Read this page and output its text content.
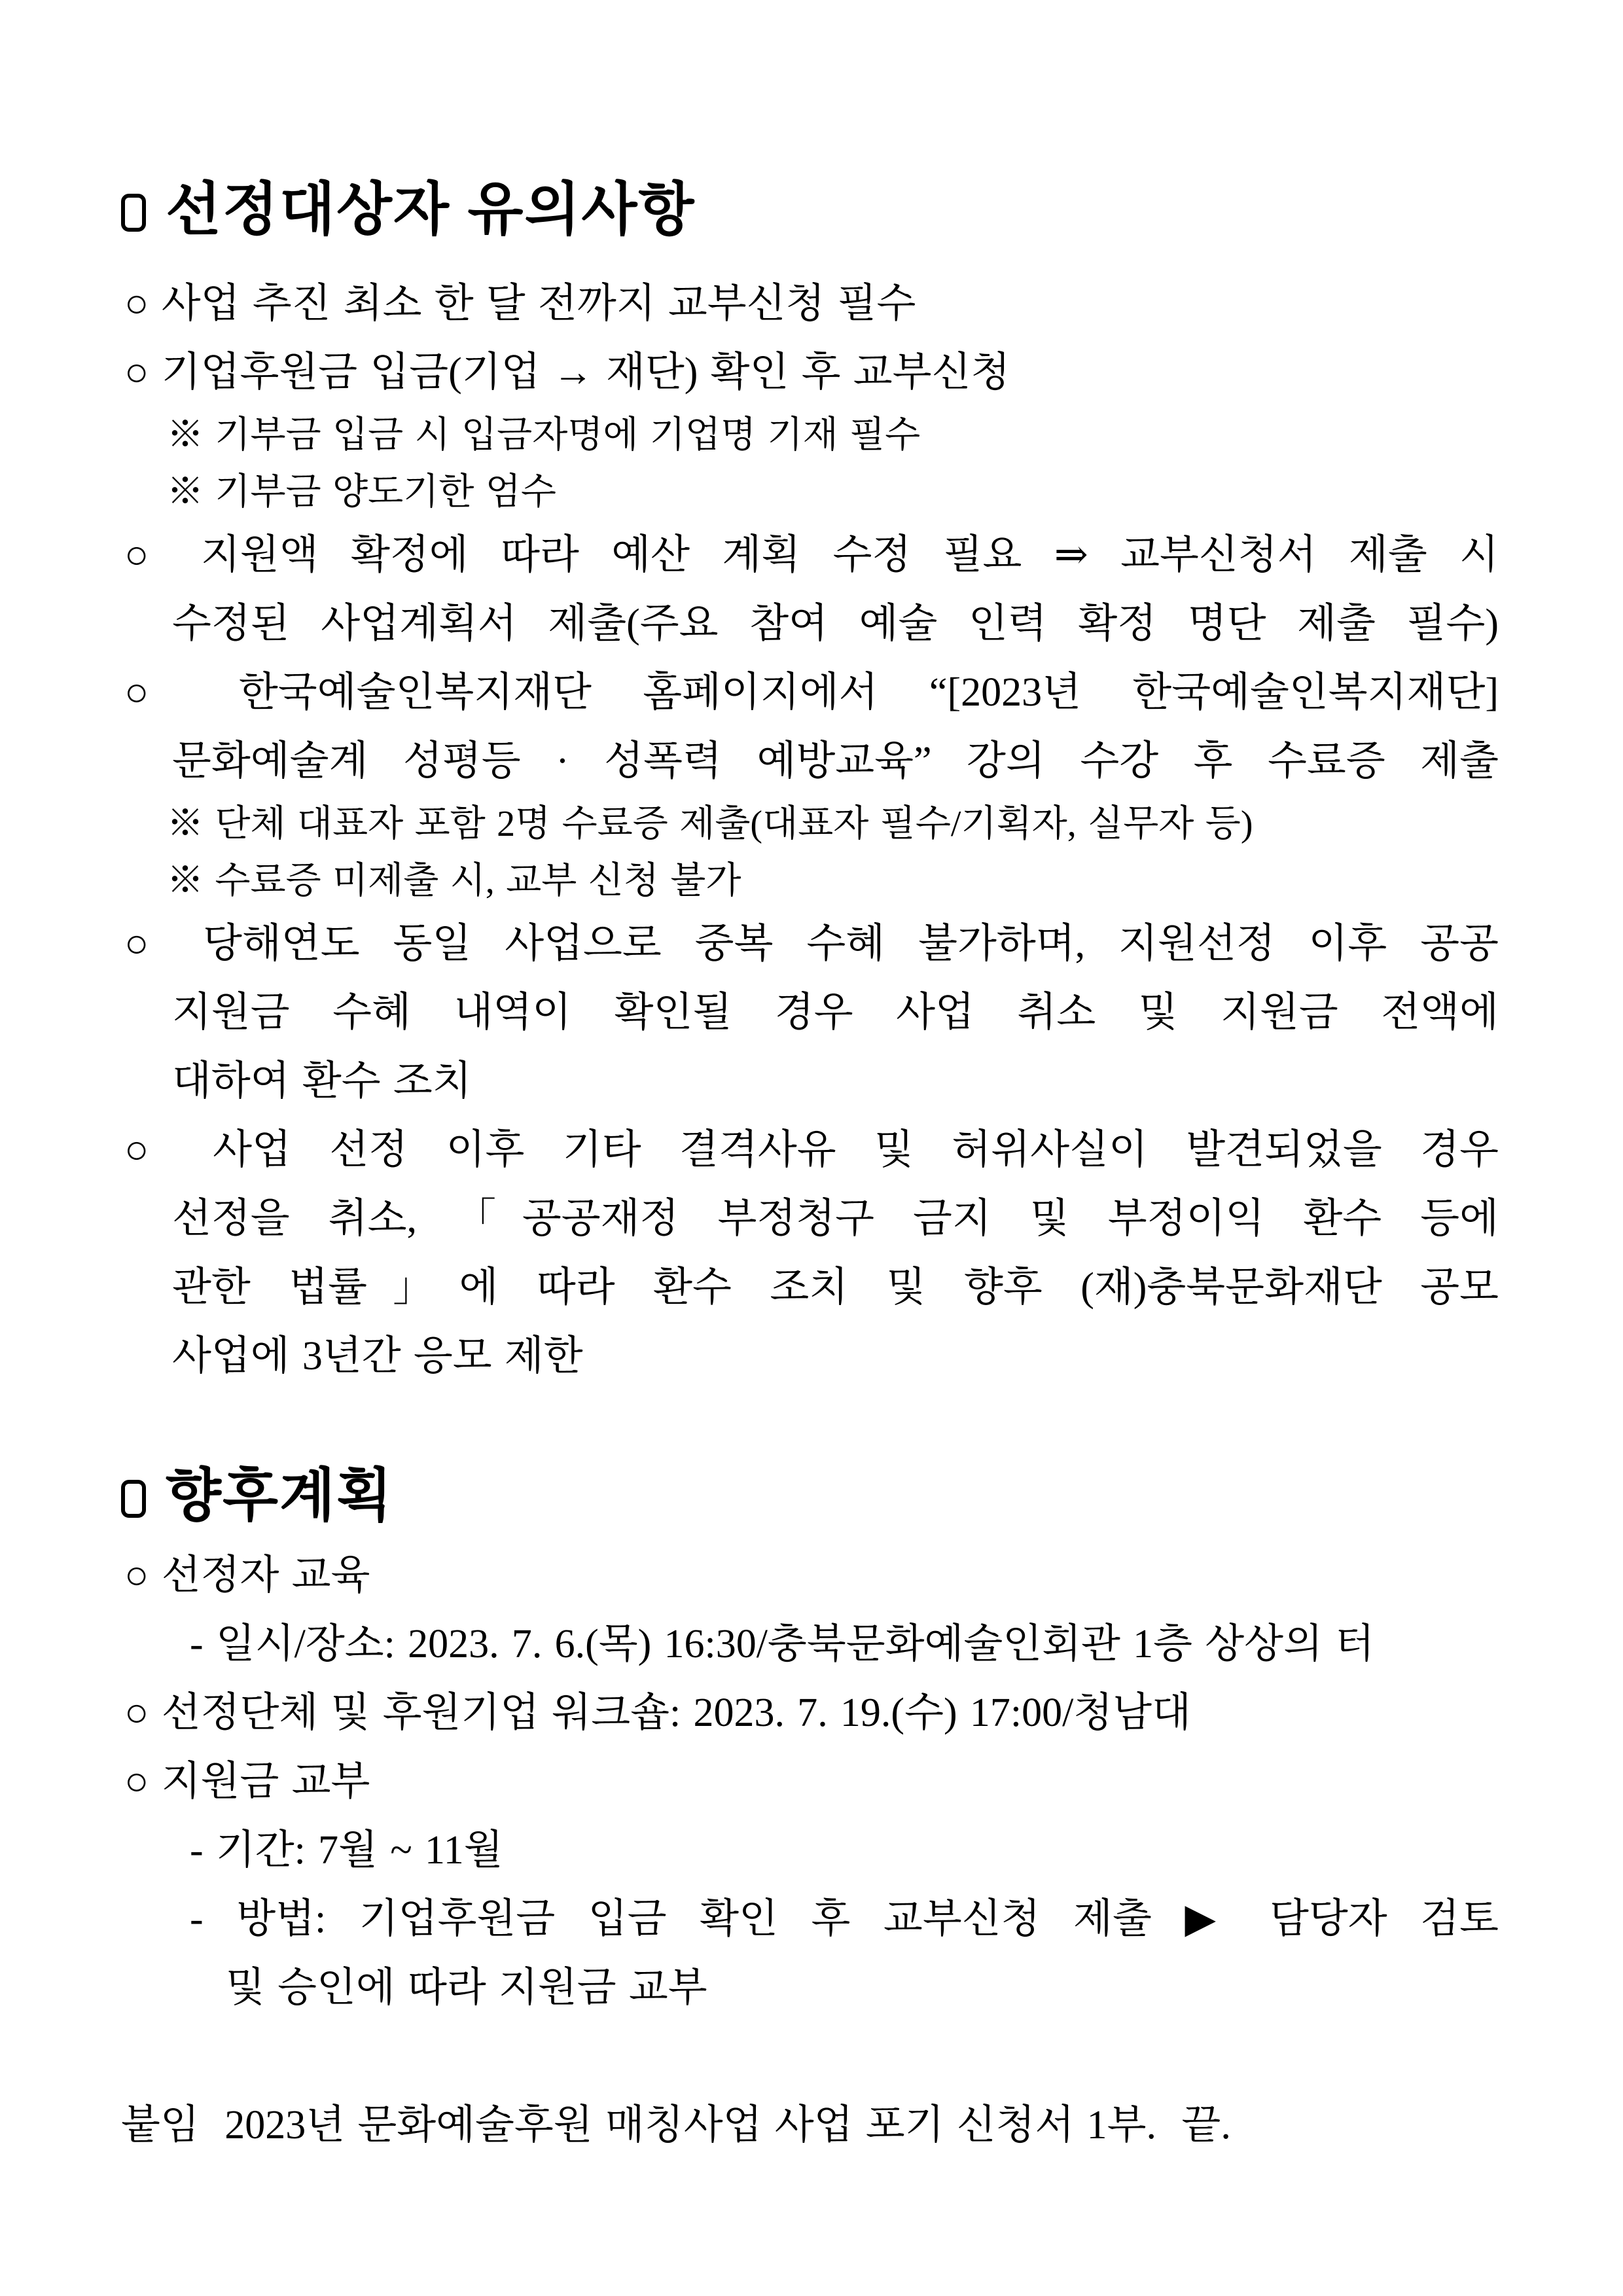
선정대상자 유의사항
○ 사업 추진 최소 한 달 전까지 교부신청 필수
○ 기업후원금 입금(기업 → 재단) 확인 후 교부신청
※ 기부금 입금 시 입금자명에 기업명 기재 필수
※ 기부금 양도기한 엄수
○ 지원액 확정에 따라 예산 계획 수정 필요 ⇒ 교부신청서 제출 시
수정된 사업계획서 제출(주요 참여 예술 인력 확정 명단 제출 필수)
○ 한국예술인복지재단 홈페이지에서 “[2023년 한국예술인복지재단]
문화예술계 성평등 · 성폭력 예방교육” 강의 수강 후 수료증 제출
※ 단체 대표자 포함 2명 수료증 제출(대표자 필수/기획자, 실무자 등)
※ 수료증 미제출 시, 교부 신청 불가
○ 당해연도 동일 사업으로 중복 수혜 불가하며, 지원선정 이후 공공
지원금 수혜 내역이 확인될 경우 사업 취소 및 지원금 전액에
대하여 환수 조치
○ 사업 선정 이후 기타 결격사유 및 허위사실이 발견되었을 경우
선정을 취소, 「공공재정 부정청구 금지 및 부정이익 환수 등에
관한 법률」에 따라 환수 조치 및 향후 (재)충북문화재단 공모
사업에 3년간 응모 제한
향후계획
○ 선정자 교육
- 일시/장소: 2023. 7. 6.(목) 16:30/충북문화예술인회관 1층 상상의 터
○ 선정단체 및 후원기업 워크숍: 2023. 7. 19.(수) 17:00/청남대
○ 지원금 교부
- 기간: 7월 ~ 11월
- 방법: 기업후원금 입금 확인 후 교부신청 제출 ▶ 담당자 검토
및 승인에 따라 지원금 교부
붙임  2023년 문화예술후원 매칭사업 사업 포기 신청서 1부.  끝.
